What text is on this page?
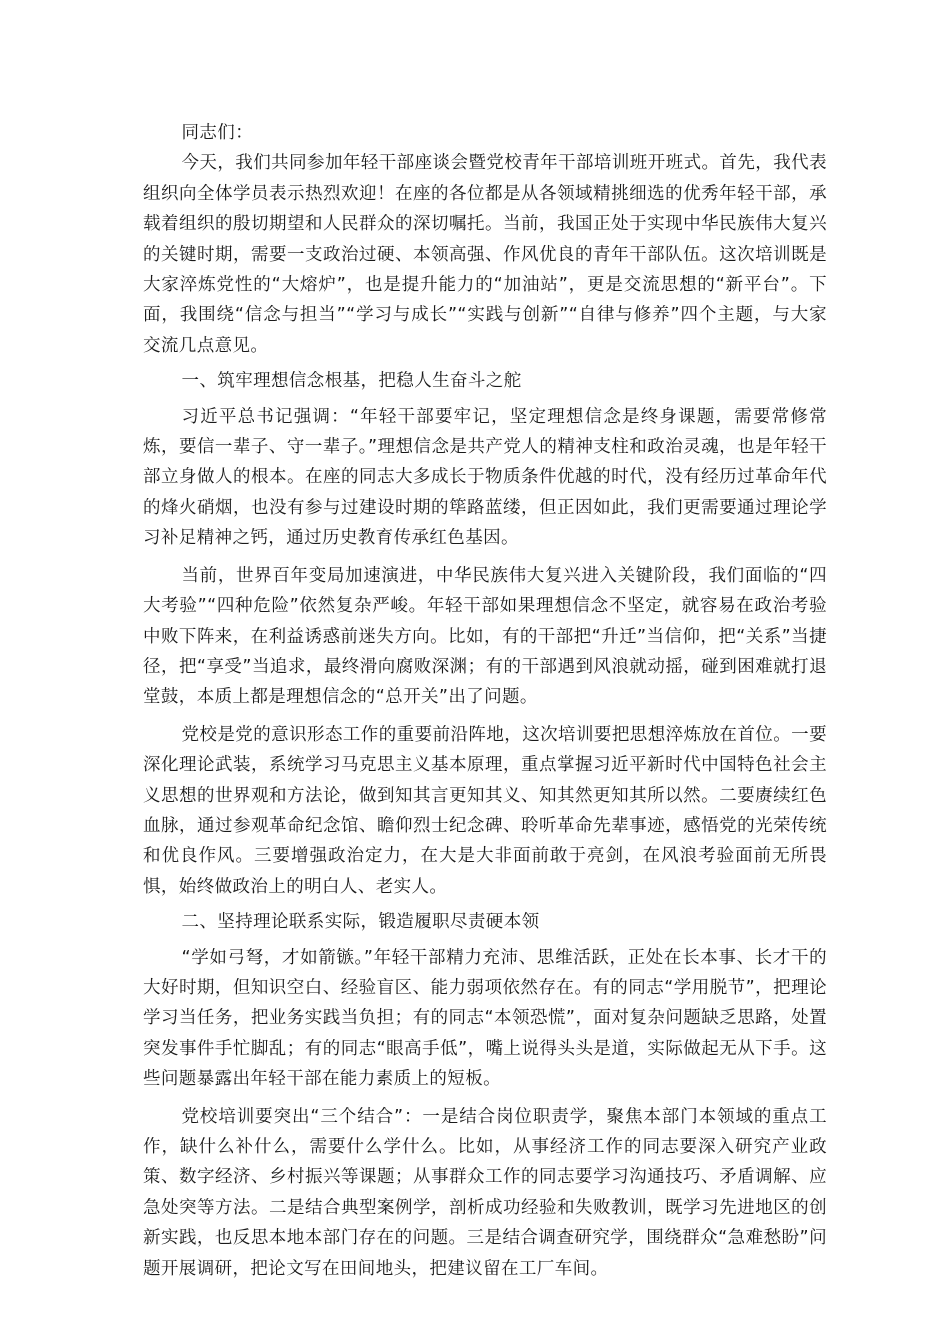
同志们：

今天，我们共同参加年轻干部座谈会暨党校青年干部培训班开班式。首先，我代表组织向全体学员表示热烈欢迎！在座的各位都是从各领域精挑细选的优秀年轻干部，承载着组织的殷切期望和人民群众的深切嘱托。当前，我国正处于实现中华民族伟大复兴的关键时期，需要一支政治过硬、本领高强、作风优良的青年干部队伍。这次培训既是大家淬炼党性的“大熔炉”，也是提升能力的“加油站”，更是交流思想的“新平台”。下面，我围绕“信念与担当”“学习与成长”“实践与创新”“自律与修养”四个主题，与大家交流几点意见。

一、筑牢理想信念根基，把稳人生奋斗之舵

习近平总书记强调：“年轻干部要牢记，坚定理想信念是终身课题，需要常修常炼，要信一辈子、守一辈子。”理想信念是共产党人的精神支柱和政治灵魂，也是年轻干部立身做人的根本。在座的同志大多成长于物质条件优越的时代，没有经历过革命年代的烽火硝烟，也没有参与过建设时期的筚路蓝缕，但正因如此，我们更需要通过理论学习补足精神之钙，通过历史教育传承红色基因。

当前，世界百年变局加速演进，中华民族伟大复兴进入关键阶段，我们面临的“四大考验”“四种危险”依然复杂严峻。年轻干部如果理想信念不坚定，就容易在政治考验中败下阵来，在利益诱惑前迷失方向。比如，有的干部把“升迁”当信仰，把“关系”当捷径，把“享受”当追求，最终滑向腐败深渊；有的干部遇到风浪就动摇，碰到困难就打退堂鼓，本质上都是理想信念的“总开关”出了问题。

党校是党的意识形态工作的重要前沿阵地，这次培训要把思想淬炼放在首位。一要深化理论武装，系统学习马克思主义基本原理，重点掌握习近平新时代中国特色社会主义思想的世界观和方法论，做到知其言更知其义、知其然更知其所以然。二要赓续红色血脉，通过参观革命纪念馆、瞻仰烈士纪念碑、聆听革命先辈事迹，感悟党的光荣传统和优良作风。三要增强政治定力，在大是大非面前敢于亮剑，在风浪考验面前无所畏惧，始终做政治上的明白人、老实人。

二、坚持理论联系实际，锻造履职尽责硬本领

“学如弓弩，才如箭镞。”年轻干部精力充沛、思维活跃，正处在长本事、长才干的大好时期，但知识空白、经验盲区、能力弱项依然存在。有的同志“学用脱节”，把理论学习当任务，把业务实践当负担；有的同志“本领恐慌”，面对复杂问题缺乏思路，处置突发事件手忙脚乱；有的同志“眼高手低”，嘴上说得头头是道，实际做起无从下手。这些问题暴露出年轻干部在能力素质上的短板。

党校培训要突出“三个结合”：一是结合岗位职责学，聚焦本部门本领域的重点工作，缺什么补什么，需要什么学什么。比如，从事经济工作的同志要深入研究产业政策、数字经济、乡村振兴等课题；从事群众工作的同志要学习沟通技巧、矛盾调解、应急处突等方法。二是结合典型案例学，剖析成功经验和失败教训，既学习先进地区的创新实践，也反思本地本部门存在的问题。三是结合调查研究学，围绕群众“急难愁盼”问题开展调研，把论文写在田间地头，把建议留在工厂车间。
